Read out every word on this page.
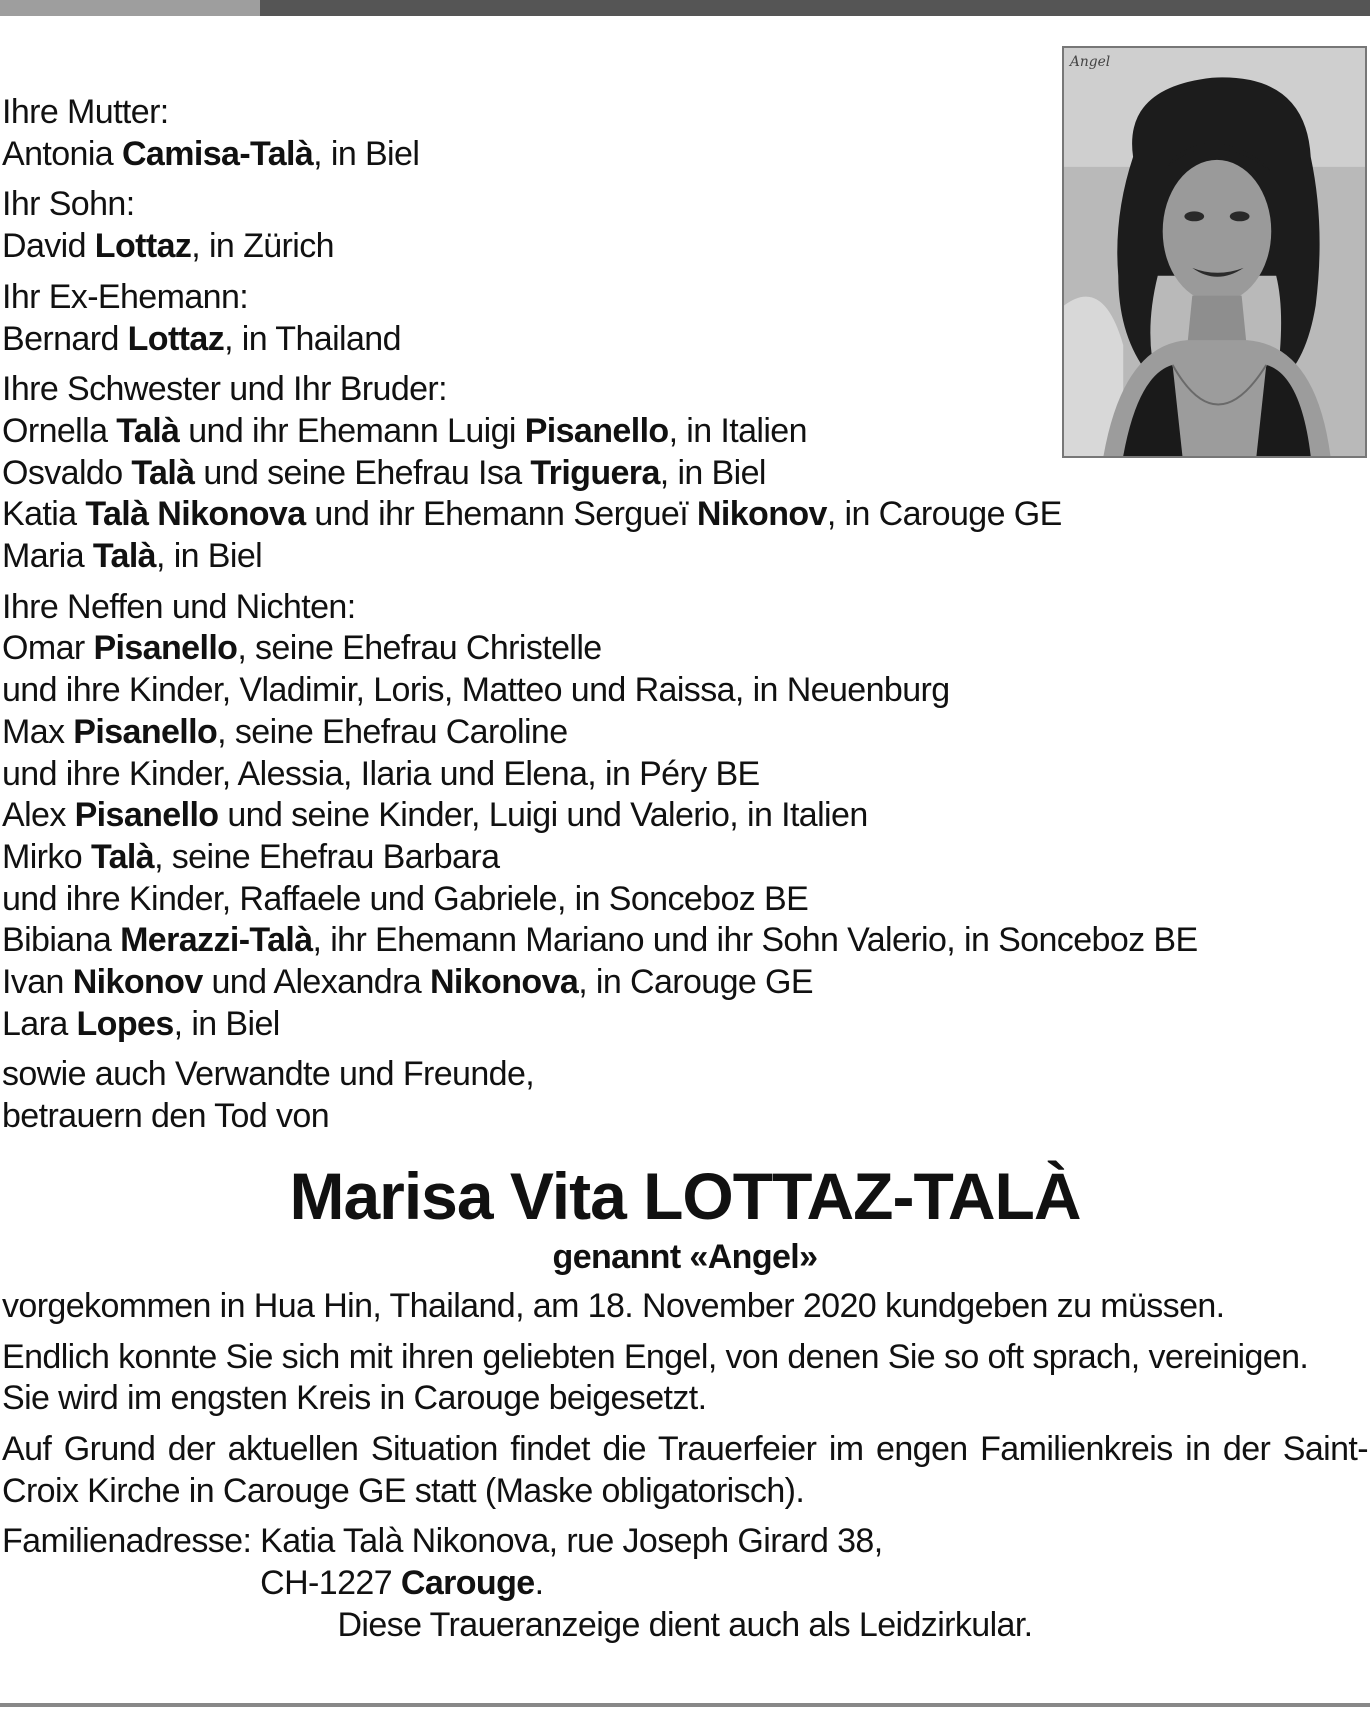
Angel

Ihre Mutter:

Antonia Camisa-Talà, in Biel

Ihr Sohn:

David Lottaz, in Zürich

Ihr Ex-Ehemann:

Bernard Lottaz, in Thailand

Ihre Schwester und Ihr Bruder:

Ornella Talà und ihr Ehemann Luigi Pisanello, in Italien

Osvaldo Talà und seine Ehefrau Isa Triguera, in Biel

Katia Talà Nikonova und ihr Ehemann Sergueï Nikonov, in Carouge GE

Maria Talà, in Biel

Ihre Neffen und Nichten:

Omar Pisanello, seine Ehefrau Christelle

und ihre Kinder, Vladimir, Loris, Matteo und Raissa, in Neuenburg

Max Pisanello, seine Ehefrau Caroline

und ihre Kinder, Alessia, Ilaria und Elena, in Péry BE

Alex Pisanello und seine Kinder, Luigi und Valerio, in Italien

Mirko Talà, seine Ehefrau Barbara

und ihre Kinder, Raffaele und Gabriele, in Sonceboz BE

Bibiana Merazzi-Talà, ihr Ehemann Mariano und ihr Sohn Valerio, in Sonceboz BE

Ivan Nikonov und Alexandra Nikonova, in Carouge GE

Lara Lopes, in Biel

sowie auch Verwandte und Freunde,

betrauern den Tod von

Marisa Vita LOTTAZ-TALÀ
genannt «Angel»

vorgekommen in Hua Hin, Thailand, am 18. November 2020 kundgeben zu müssen.

Endlich konnte Sie sich mit ihren geliebten Engel, von denen Sie so oft sprach, vereinigen.

Sie wird im engsten Kreis in Carouge beigesetzt.

Auf Grund der aktuellen Situation findet die Trauerfeier im engen Familienkreis in der Saint-Croix Kirche in Carouge GE statt (Maske obligatorisch).

Familienadresse: Katia Talà Nikonova, rue Joseph Girard 38,
CH-1227 Carouge.

Diese Traueranzeige dient auch als Leidzirkular.
